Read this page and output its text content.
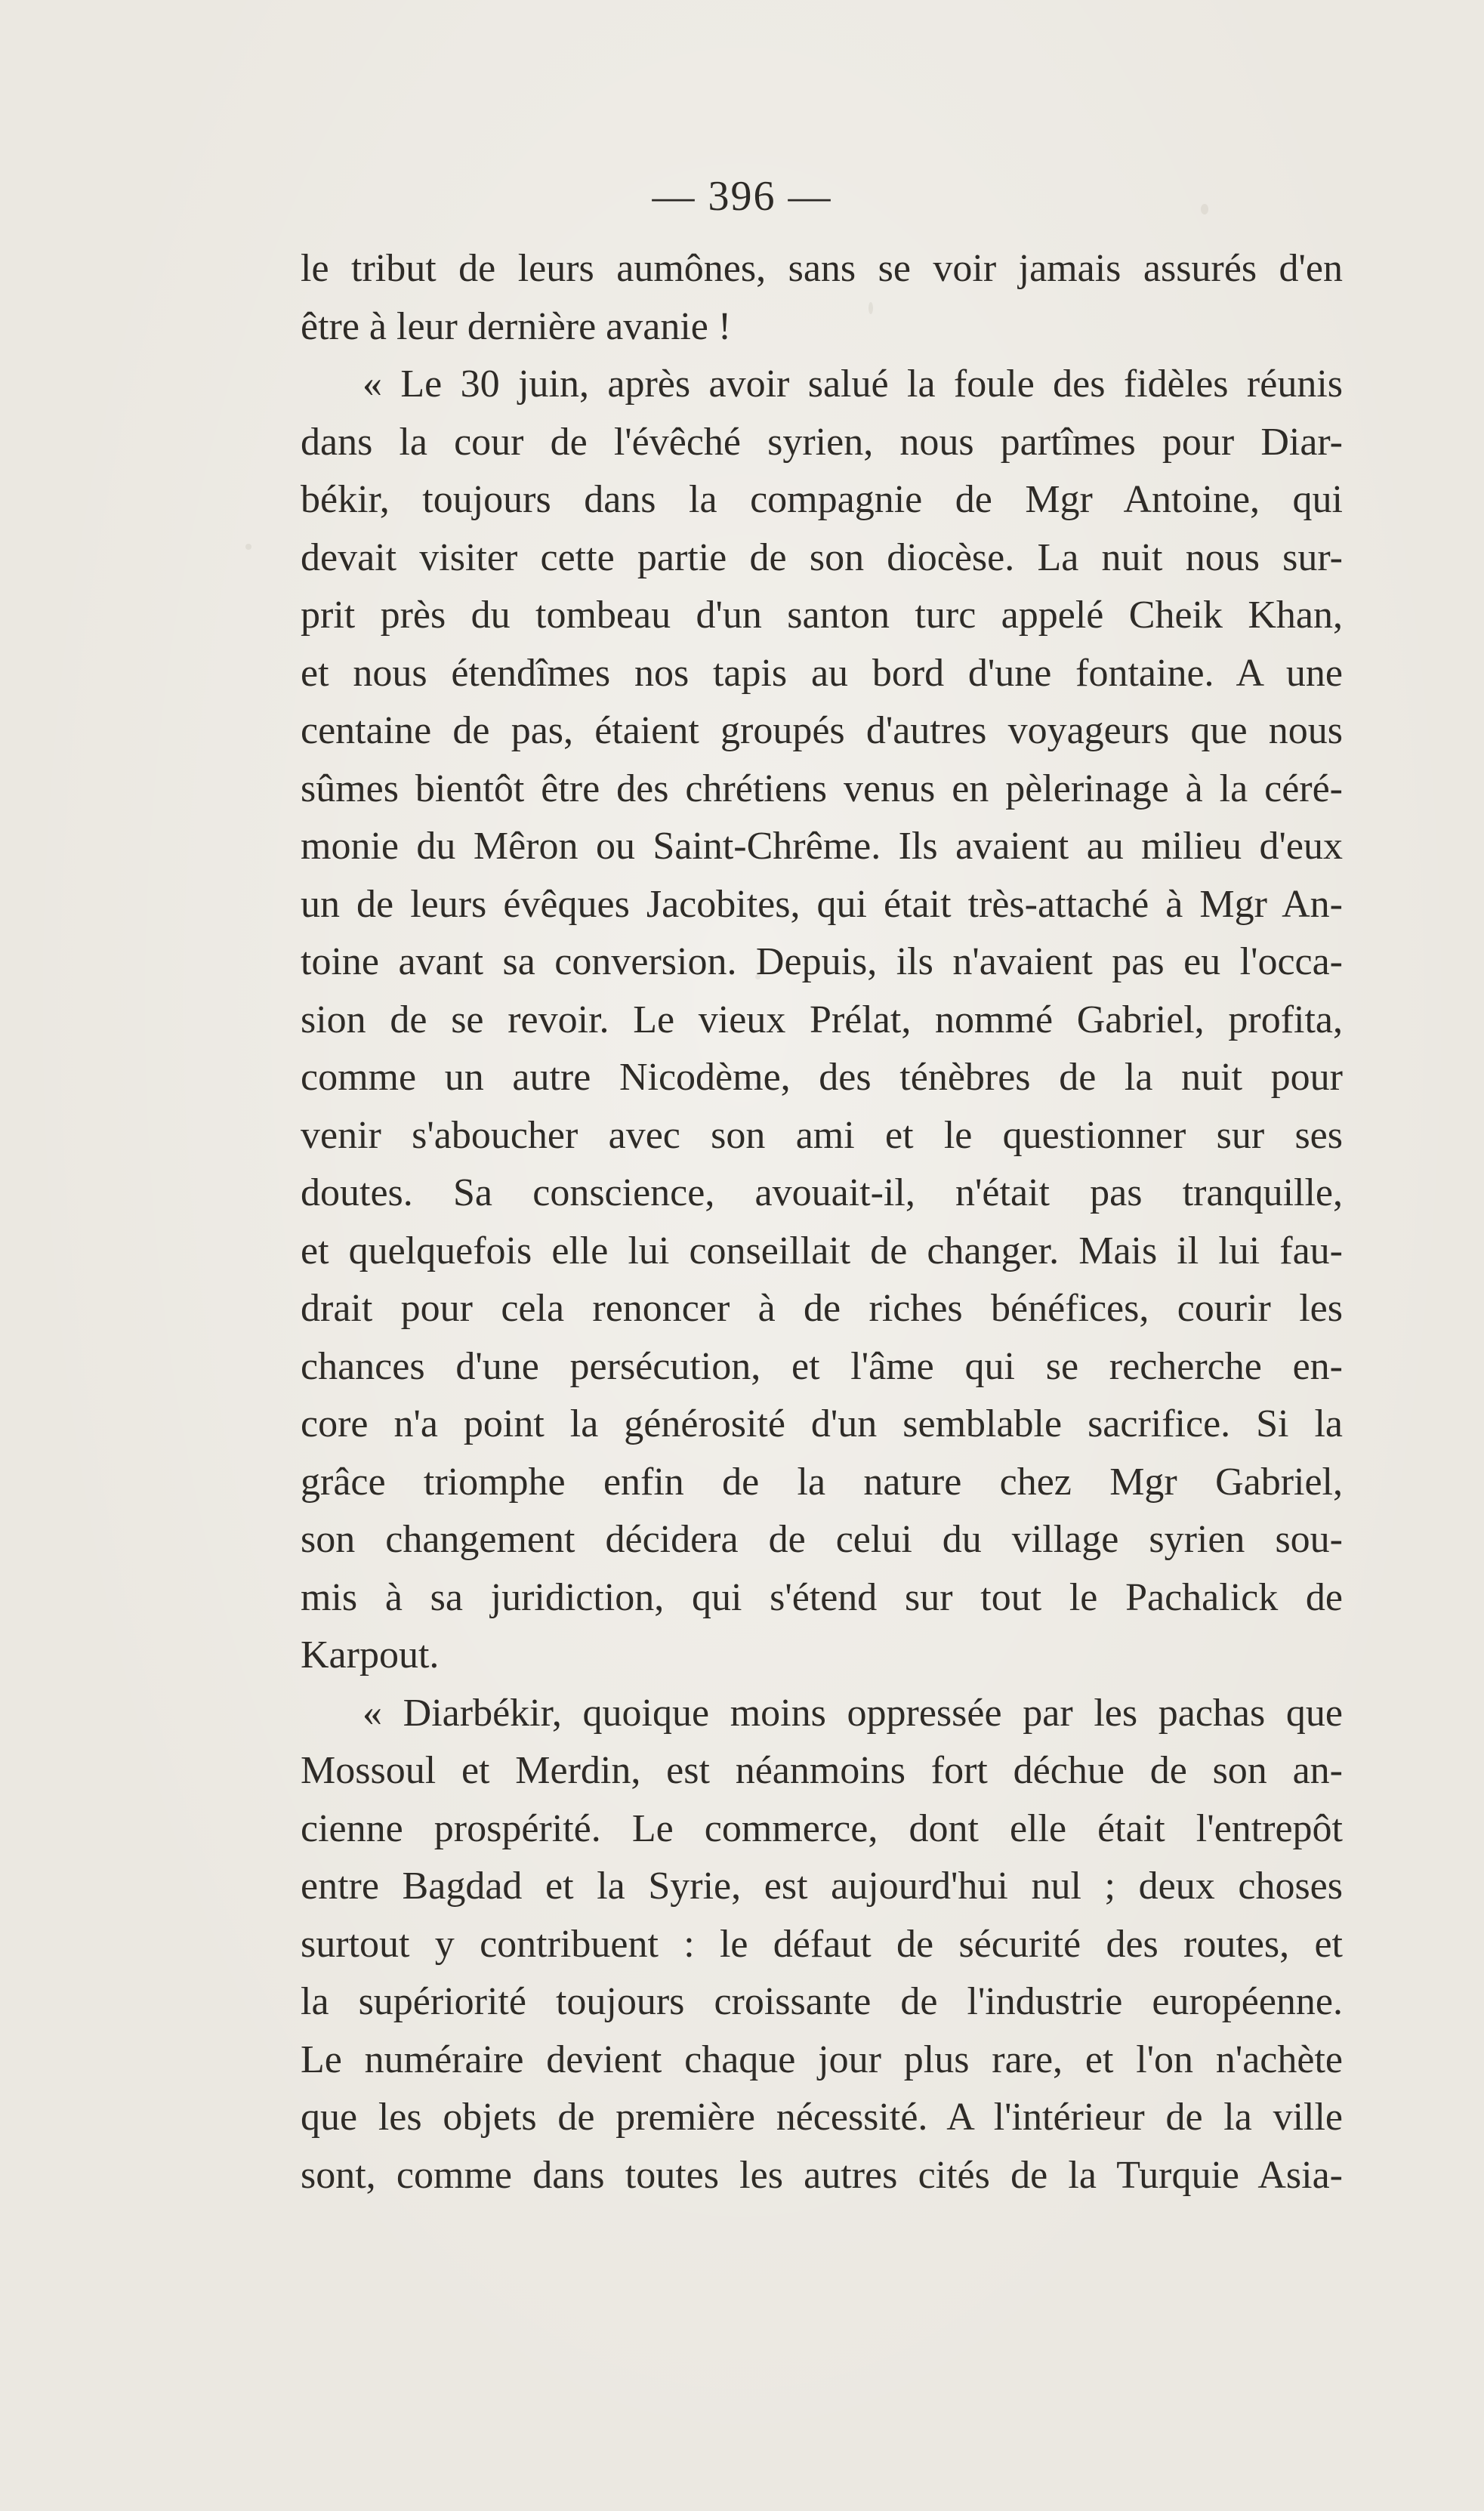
— 396 —
le tribut de leurs aumônes, sans se voir jamais assurés d'en
être à leur dernière avanie !
« Le 30 juin, après avoir salué la foule des fidèles réunis
dans la cour de l'évêché syrien, nous partîmes pour Diar-
békir, toujours dans la compagnie de Mgr Antoine, qui
devait visiter cette partie de son diocèse. La nuit nous sur-
prit près du tombeau d'un santon turc appelé Cheik Khan,
et nous étendîmes nos tapis au bord d'une fontaine. A une
centaine de pas, étaient groupés d'autres voyageurs que nous
sûmes bientôt être des chrétiens venus en pèlerinage à la céré-
monie du Mêron ou Saint-Chrême. Ils avaient au milieu d'eux
un de leurs évêques Jacobites, qui était très-attaché à Mgr An-
toine avant sa conversion. Depuis, ils n'avaient pas eu l'occa-
sion de se revoir. Le vieux Prélat, nommé Gabriel, profita,
comme un autre Nicodème, des ténèbres de la nuit pour
venir s'aboucher avec son ami et le questionner sur ses
doutes. Sa conscience, avouait-il, n'était pas tranquille,
et quelquefois elle lui conseillait de changer. Mais il lui fau-
drait pour cela renoncer à de riches bénéfices, courir les
chances d'une persécution, et l'âme qui se recherche en-
core n'a point la générosité d'un semblable sacrifice. Si la
grâce triomphe enfin de la nature chez Mgr Gabriel,
son changement décidera de celui du village syrien sou-
mis à sa juridiction, qui s'étend sur tout le Pachalick de
Karpout.
« Diarbékir, quoique moins oppressée par les pachas que
Mossoul et Merdin, est néanmoins fort déchue de son an-
cienne prospérité. Le commerce, dont elle était l'entrepôt
entre Bagdad et la Syrie, est aujourd'hui nul ; deux choses
surtout y contribuent : le défaut de sécurité des routes, et
la supériorité toujours croissante de l'industrie européenne.
Le numéraire devient chaque jour plus rare, et l'on n'achète
que les objets de première nécessité. A l'intérieur de la ville
sont, comme dans toutes les autres cités de la Turquie Asia-
